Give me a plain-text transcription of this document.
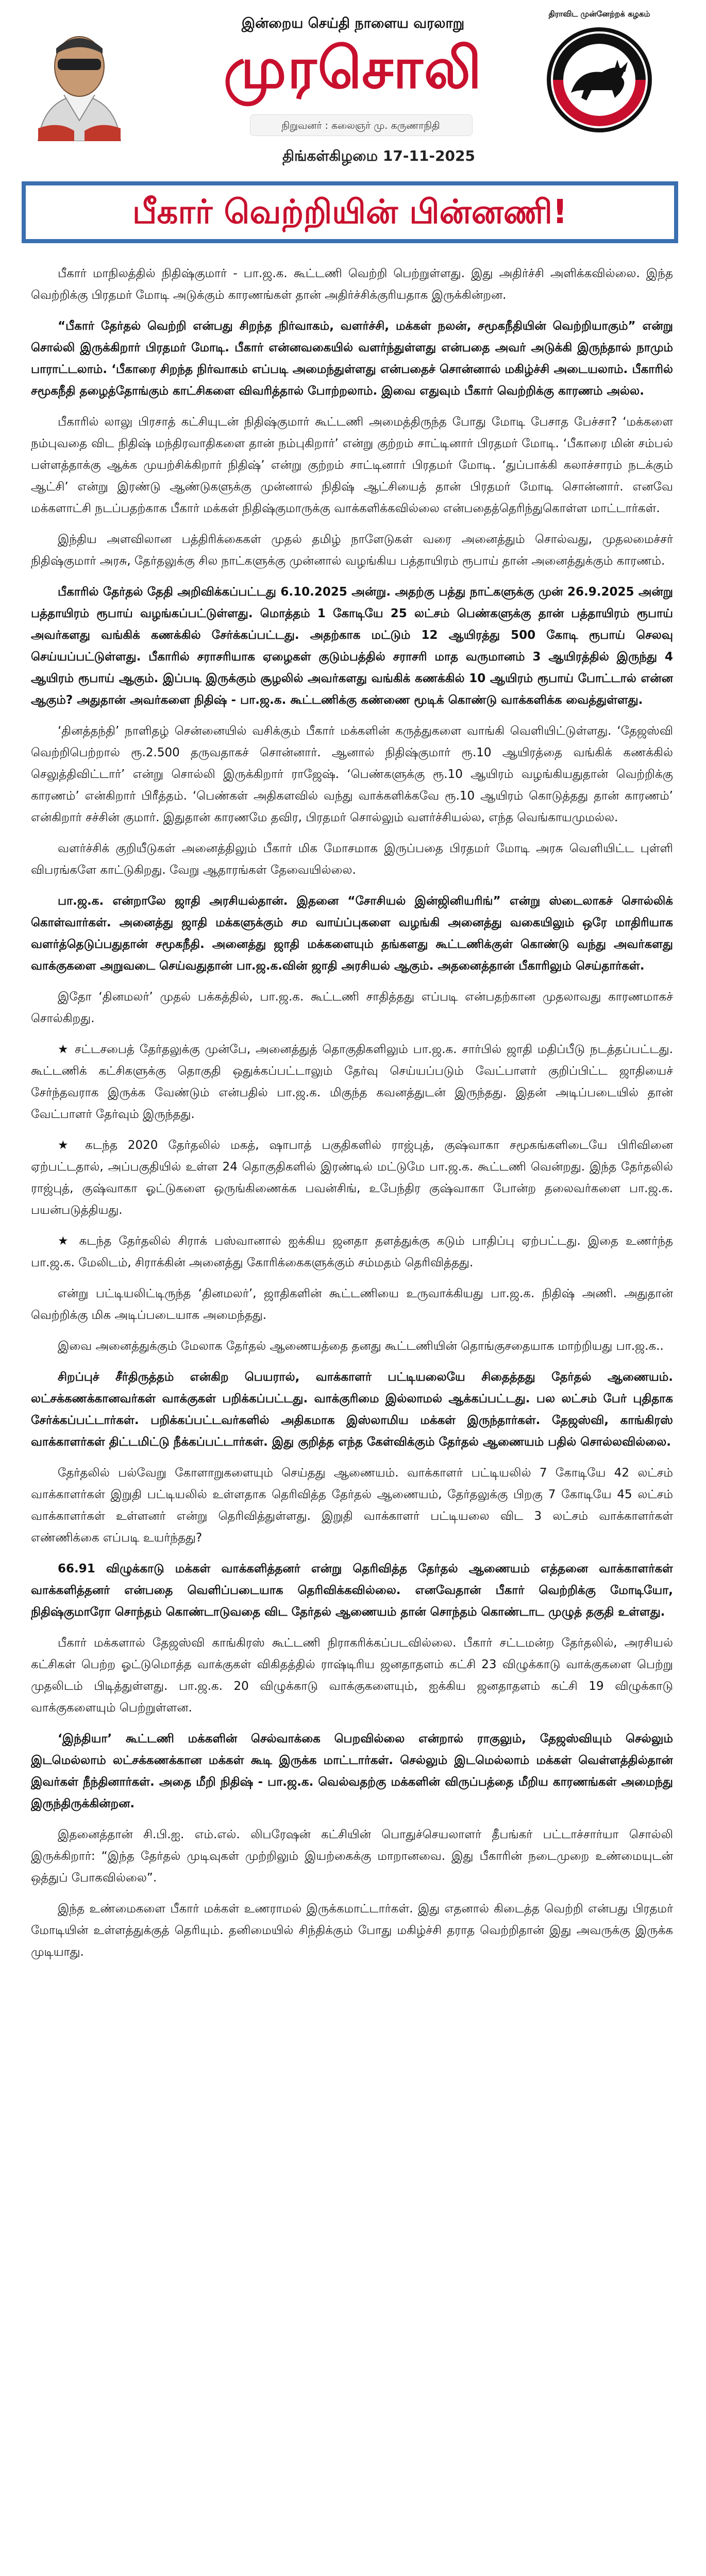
இன்றைய செய்தி நாளைய வரலாறு
முரசொலி
திராவிட முன்னேற்றக் கழகம்
நிறுவனர் : கலைஞர் மு. கருணாநிதி
திங்கள்கிழமை 17-11-2025
பீகார் வெற்றியின் பின்னணி!

பீகார் மாநிலத்தில் நிதிஷ்குமார் - பா.ஜ.க. கூட்டணி வெற்றி பெற்றுள்ளது. இது அதிர்ச்சி அளிக்கவில்லை. இந்த வெற்றிக்கு பிரதமர் மோடி அடுக்கும் காரணங்கள் தான் அதிர்ச்சிக்குரியதாக இருக்கின்றன.

“பீகார் தேர்தல் வெற்றி என்பது சிறந்த நிர்வாகம், வளர்ச்சி, மக்கள் நலன், சமூகநீதியின் வெற்றியாகும்” என்று சொல்லி இருக்கிறார் பிரதமர் மோடி. பீகார் என்னவகையில் வளர்ந்துள்ளது என்பதை அவர் அடுக்கி இருந்தால் நாமும் பாராட்டலாம். ‘பீகாரை சிறந்த நிர்வாகம் எப்படி அமைந்துள்ளது என்பதைச் சொன்னால் மகிழ்ச்சி அடையலாம். பீகாரில் சமூகநீதி தழைத்தோங்கும் காட்சிகளை விவரித்தால் போற்றலாம். இவை எதுவும் பீகார் வெற்றிக்கு காரணம் அல்ல.

பீகாரில் லாலு பிரசாத் கட்சியுடன் நிதிஷ்குமார் கூட்டணி அமைத்திருந்த போது மோடி பேசாத பேச்சா? ‘மக்களை நம்புவதை விட நிதிஷ் மந்திரவாதிகளை தான் நம்புகிறார்’ என்று குற்றம் சாட்டினார் பிரதமர் மோடி. ‘பீகாரை மின் சம்பல் பள்ளத்தாக்கு ஆக்க முயற்சிக்கிறார் நிதிஷ்’ என்று குற்றம் சாட்டினார் பிரதமர் மோடி. ‘துப்பாக்கி கலாச்சாரம் நடக்கும் ஆட்சி’ என்று இரண்டு ஆண்டுகளுக்கு முன்னால் நிதிஷ் ஆட்சியைத் தான் பிரதமர் மோடி சொன்னார். எனவே மக்களாட்சி நடப்பதற்காக பீகார் மக்கள் நிதிஷ்குமாருக்கு வாக்களிக்கவில்லை என்பதைத்தெரிந்துகொள்ள மாட்டார்கள்.

இந்திய அளவிலான பத்திரிக்கைகள் முதல் தமிழ் நாளேடுகள் வரை அனைத்தும் சொல்வது, முதலமைச்சர் நிதிஷ்குமார் அரசு, தேர்தலுக்கு சில நாட்களுக்கு முன்னால் வழங்கிய பத்தாயிரம் ரூபாய் தான் அனைத்துக்கும் காரணம்.

பீகாரில் தேர்தல் தேதி அறிவிக்கப்பட்டது 6.10.2025 அன்று. அதற்கு பத்து நாட்களுக்கு முன் 26.9.2025 அன்று பத்தாயிரம் ரூபாய் வழங்கப்பட்டுள்ளது. மொத்தம் 1 கோடியே 25 லட்சம் பெண்களுக்கு தான் பத்தாயிரம் ரூபாய் அவர்களது வங்கிக் கணக்கில் சேர்க்கப்பட்டது. அதற்காக மட்டும் 12 ஆயிரத்து 500 கோடி ரூபாய் செலவு செய்யப்பட்டுள்ளது. பீகாரில் சராசரியாக ஏழைகள் குடும்பத்தில் சராசரி மாத வருமானம் 3 ஆயிரத்தில் இருந்து 4 ஆயிரம் ரூபாய் ஆகும். இப்படி இருக்கும் சூழலில் அவர்களது வங்கிக் கணக்கில் 10 ஆயிரம் ரூபாய் போட்டால் என்ன ஆகும்? அதுதான் அவர்களை நிதிஷ் - பா.ஜ.க. கூட்டணிக்கு கண்ணை மூடிக் கொண்டு வாக்களிக்க வைத்துள்ளது.

‘தினத்தந்தி’ நாளிதழ் சென்னையில் வசிக்கும் பீகார் மக்களின் கருத்துகளை வாங்கி வெளியிட்டுள்ளது. ‘தேஜஸ்வி வெற்றிபெற்றால் ரூ.2.500 தருவதாகச் சொன்னார். ஆனால் நிதிஷ்குமார் ரூ.10 ஆயிரத்தை வங்கிக் கணக்கில் செலுத்திவிட்டார்’ என்று சொல்லி இருக்கிறார் ராஜேஷ். ‘பெண்களுக்கு ரூ.10 ஆயிரம் வழங்கியதுதான் வெற்றிக்கு காரணம்’ என்கிறார் பிரீத்தம். ‘பெண்கள் அதிகளவில் வந்து வாக்களிக்கவே ரூ.10 ஆயிரம் கொடுத்தது தான் காரணம்’ என்கிறார் சச்சின் குமார். இதுதான் காரணமே தவிர, பிரதமர் சொல்லும் வளர்ச்சியல்ல, எந்த வெங்காயமுமல்ல.

வளர்ச்சிக் குறியீடுகள் அனைத்திலும் பீகார் மிக மோசமாக இருப்பதை பிரதமர் மோடி அரசு வெளியிட்ட புள்ளி விபரங்களே காட்டுகிறது. வேறு ஆதாரங்கள் தேவையில்லை.

பா.ஜ.க. என்றாலே ஜாதி அரசியல்தான். இதனை “சோசியல் இன்ஜினியரிங்” என்று ஸ்டைலாகச் சொல்லிக் கொள்வார்கள். அனைத்து ஜாதி மக்களுக்கும் சம வாய்ப்புகளை வழங்கி அனைத்து வகையிலும் ஒரே மாதிரியாக வளர்த்தெடுப்பதுதான் சமூகநீதி. அனைத்து ஜாதி மக்களையும் தங்களது கூட்டணிக்குள் கொண்டு வந்து அவர்களது வாக்குகளை அறுவடை செய்வதுதான் பா.ஜ.க.வின் ஜாதி அரசியல் ஆகும். அதனைத்தான் பீகாரிலும் செய்தார்கள்.

இதோ ‘தினமலர்’ முதல் பக்கத்தில், பா.ஜ.க. கூட்டணி சாதித்தது எப்படி என்பதற்கான முதலாவது காரணமாகச் சொல்கிறது.

★ சட்டசபைத் தேர்தலுக்கு முன்பே, அனைத்துத் தொகுதிகளிலும் பா.ஜ.க. சார்பில் ஜாதி மதிப்பீடு நடத்தப்பட்டது. கூட்டணிக் கட்சிகளுக்கு தொகுதி ஒதுக்கப்பட்டாலும் தேர்வு செய்யப்படும் வேட்பாளர் குறிப்பிட்ட ஜாதியைச் சேர்ந்தவராக இருக்க வேண்டும் என்பதில் பா.ஜ.க. மிகுந்த கவனத்துடன் இருந்தது. இதன் அடிப்படையில் தான் வேட்பாளர் தேர்வும் இருந்தது.

★ கடந்த 2020 தேர்தலில் மகத், ஷாபாத் பகுதிகளில் ராஜ்புத், குஷ்வாகா சமூகங்களிடையே பிரிவினை ஏற்பட்டதால், அப்பகுதியில் உள்ள 24 தொகுதிகளில் இரண்டில் மட்டுமே பா.ஜ.க. கூட்டணி வென்றது. இந்த தேர்தலில் ராஜ்புத், குஷ்வாகா ஓட்டுகளை ஒருங்கிணைக்க பவன்சிங், உபேந்திர குஷ்வாகா போன்ற தலைவர்களை பா.ஜ.க. பயன்படுத்தியது.

★ கடந்த தேர்தலில் சிராக் பஸ்வானால் ஐக்கிய ஜனதா தளத்துக்கு கடும் பாதிப்பு ஏற்பட்டது. இதை உணர்ந்த பா.ஜ.க. மேலிடம், சிராக்கின் அனைத்து கோரிக்கைகளுக்கும் சம்மதம் தெரிவித்தது.

என்று பட்டியலிட்டிருந்த ‘தினமலர்’, ஜாதிகளின் கூட்டணியை உருவாக்கியது பா.ஜ.க. நிதிஷ் அணி. அதுதான் வெற்றிக்கு மிக அடிப்படையாக அமைந்தது.

இவை அனைத்துக்கும் மேலாக தேர்தல் ஆணையத்தை தனது கூட்டணியின் தொங்குசதையாக மாற்றியது பா.ஜ.க..

சிறப்புச் சீர்திருத்தம் என்கிற பெயரால், வாக்காளர் பட்டியலையே சிதைத்தது தேர்தல் ஆணையம். லட்சக்கணக்கானவர்கள் வாக்குகள் பறிக்கப்பட்டது. வாக்குரிமை இல்லாமல் ஆக்கப்பட்டது. பல லட்சம் பேர் புதிதாக சேர்க்கப்பட்டார்கள். பறிக்கப்பட்டவர்களில் அதிகமாக இஸ்லாமிய மக்கள் இருந்தார்கள். தேஜஸ்வி, காங்கிரஸ் வாக்காளர்கள் திட்டமிட்டு நீக்கப்பட்டார்கள். இது குறித்த எந்த கேள்விக்கும் தேர்தல் ஆணையம் பதில் சொல்லவில்லை.

தேர்தலில் பல்வேறு கோளாறுகளையும் செய்தது ஆணையம். வாக்காளர் பட்டியலில் 7 கோடியே 42 லட்சம் வாக்காளர்கள் இறுதி பட்டியலில் உள்ளதாக தெரிவித்த தேர்தல் ஆணையம், தேர்தலுக்கு பிறகு 7 கோடியே 45 லட்சம் வாக்காளர்கள் உள்ளனர் என்று தெரிவித்துள்ளது. இறுதி வாக்காளர் பட்டியலை விட 3 லட்சம் வாக்காளர்கள் எண்ணிக்கை எப்படி உயர்ந்தது?

66.91 விழுக்காடு மக்கள் வாக்களித்தனர் என்று தெரிவித்த தேர்தல் ஆணையம் எத்தனை வாக்காளர்கள் வாக்களித்தனர் என்பதை வெளிப்படையாக தெரிவிக்கவில்லை. எனவேதான் பீகார் வெற்றிக்கு மோடியோ, நிதிஷ்குமாரோ சொந்தம் கொண்டாடுவதை விட தேர்தல் ஆணையம் தான் சொந்தம் கொண்டாட முழுத் தகுதி உள்ளது.

பீகார் மக்களால் தேஜஸ்வி காங்கிரஸ் கூட்டணி நிராகரிக்கப்படவில்லை. பீகார் சட்டமன்ற தேர்தலில், அரசியல் கட்சிகள் பெற்ற ஓட்டுமொத்த வாக்குகள் விகிதத்தில் ராஷ்டிரிய ஜனதாதளம் கட்சி 23 விழுக்காடு வாக்குகளை பெற்று முதலிடம் பிடித்துள்ளது. பா.ஜ.க. 20 விழுக்காடு வாக்குகளையும், ஐக்கிய ஜனதாதளம் கட்சி 19 விழுக்காடு வாக்குகளையும் பெற்றுள்ளன.

‘இந்தியா’ கூட்டணி மக்களின் செல்வாக்கை பெறவில்லை என்றால் ராகுலும், தேஜஸ்வியும் செல்லும் இடமெல்லாம் லட்சக்கணக்கான மக்கள் கூடி இருக்க மாட்டார்கள். செல்லும் இடமெல்லாம் மக்கள் வெள்ளத்தில்தான் இவர்கள் நீந்தினார்கள். அதை மீறி நிதிஷ் - பா.ஜ.க. வெல்வதற்கு மக்களின் விருப்பத்தை மீறிய காரணங்கள் அமைந்து இருந்திருக்கின்றன.

இதனைத்தான் சி.பி.ஐ. எம்.எல். லிபரேஷன் கட்சியின் பொதுச்செயலாளர் தீபங்கர் பட்டாச்சார்யா சொல்லி இருக்கிறார்: “இந்த தேர்தல் முடிவுகள் முற்றிலும் இயற்கைக்கு மாறானவை. இது பீகாரின் நடைமுறை உண்மையுடன் ஒத்துப் போகவில்லை”.

இந்த உண்மைகளை பீகார் மக்கள் உணராமல் இருக்கமாட்டார்கள். இது எதனால் கிடைத்த வெற்றி என்பது பிரதமர் மோடியின் உள்ளத்துக்குத் தெரியும். தனிமையில் சிந்திக்கும் போது மகிழ்ச்சி தராத வெற்றிதான் இது அவருக்கு இருக்க முடியாது.
